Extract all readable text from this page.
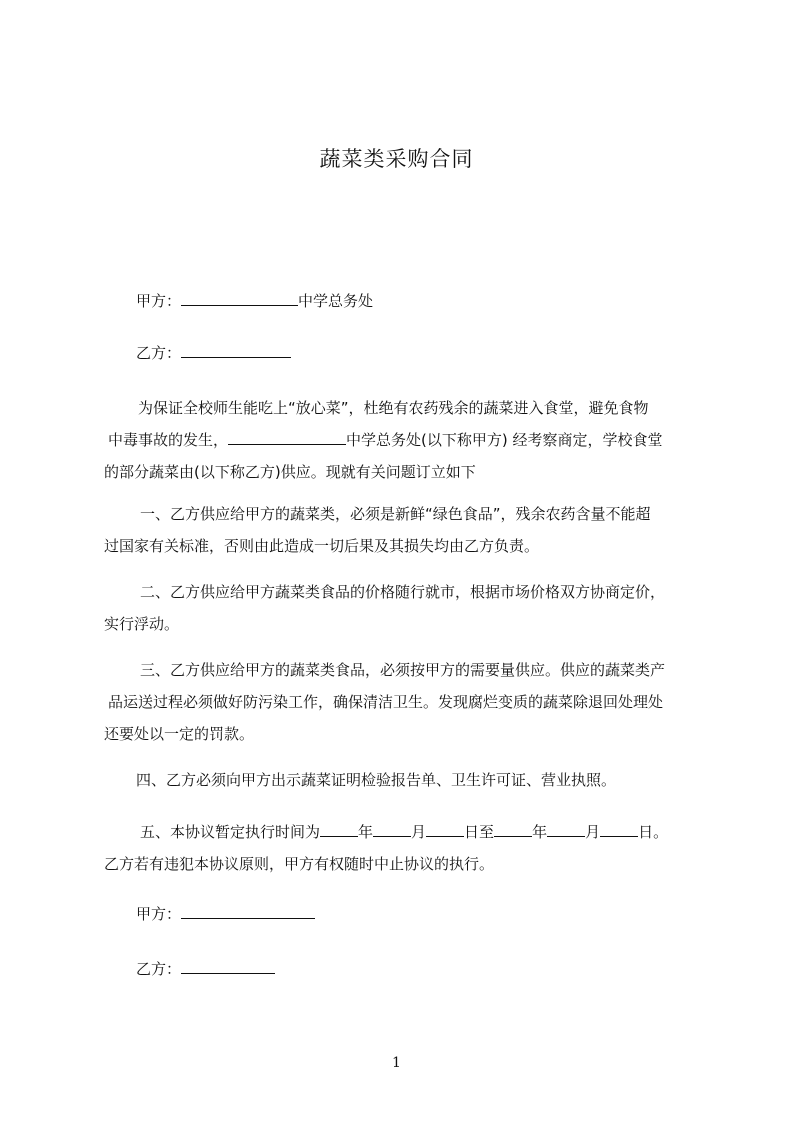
蔬菜类采购合同
甲方：	中学总务处
乙方：
为保证全校师生能吃上“放心菜”，杜绝有农药残余的蔬菜进入食堂，避免食物
中毒事故的发生，	中学总务处(以下称甲方) 经考察商定，学校食堂
的部分蔬菜由(以下称乙方)供应。现就有关问题订立如下
一、乙方供应给甲方的蔬菜类，必须是新鲜“绿色食品”，残余农药含量不能超
过国家有关标准，否则由此造成一切后果及其损失均由乙方负责。
二、乙方供应给甲方蔬菜类食品的价格随行就市，根据市场价格双方协商定价，
实行浮动。
三、乙方供应给甲方的蔬菜类食品，必须按甲方的需要量供应。供应的蔬菜类产
品运送过程必须做好防污染工作，确保清洁卫生。发现腐烂变质的蔬菜除退回处理处
还要处以一定的罚款。
四、乙方必须向甲方出示蔬菜证明检验报告单、卫生许可证、营业执照。
五、本协议暂定执行时间为	年	月	日至	年	月	日。
乙方若有违犯本协议原则，甲方有权随时中止协议的执行。
甲方：
乙方：
1
